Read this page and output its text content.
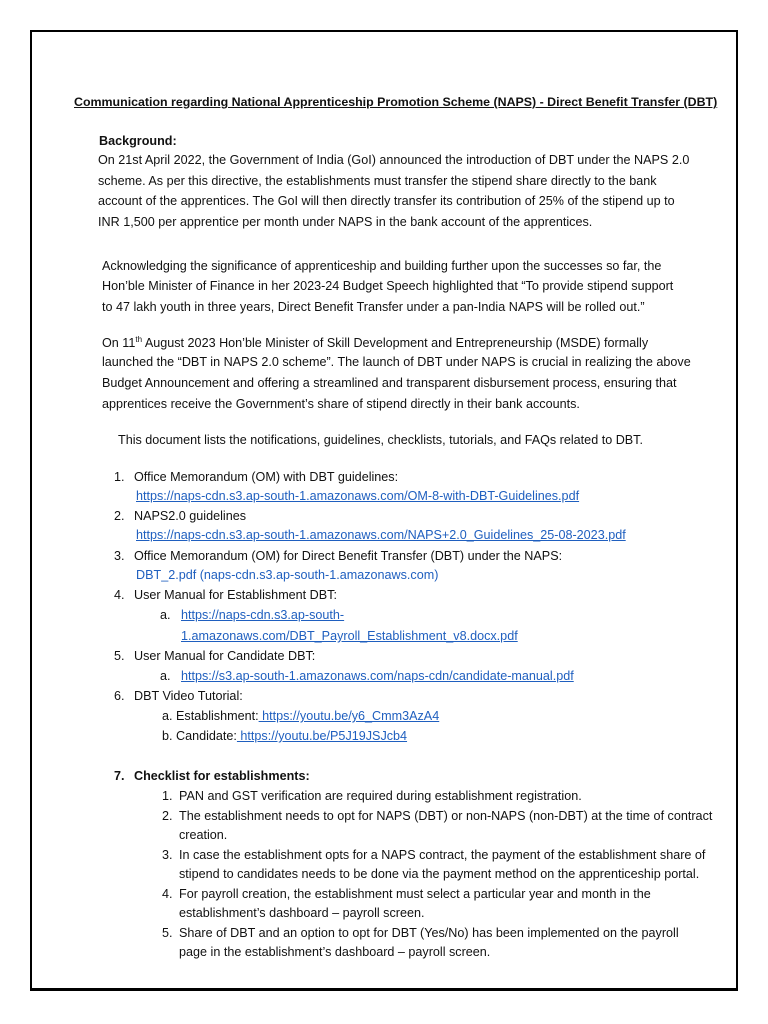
Communication regarding National Apprenticeship Promotion Scheme (NAPS) - Direct Benefit Transfer (DBT)
Background:
On 21st April 2022, the Government of India (GoI) announced the introduction of DBT under the NAPS 2.0
scheme. As per this directive, the establishments must transfer the stipend share directly to the bank
account of the apprentices. The GoI will then directly transfer its contribution of 25% of the stipend up to
INR 1,500 per apprentice per month under NAPS in the bank account of the apprentices.
Acknowledging the significance of apprenticeship and building further upon the successes so far, the
Hon’ble Minister of Finance in her 2023-24 Budget Speech highlighted that “To provide stipend support
to 47 lakh youth in three years, Direct Benefit Transfer under a pan-India NAPS will be rolled out.”
On 11th August 2023 Hon’ble Minister of Skill Development and Entrepreneurship (MSDE) formally
launched the “DBT in NAPS 2.0 scheme”. The launch of DBT under NAPS is crucial in realizing the above
Budget Announcement and offering a streamlined and transparent disbursement process, ensuring that
apprentices receive the Government’s share of stipend directly in their bank accounts.
This document lists the notifications, guidelines, checklists, tutorials, and FAQs related to DBT.
1. Office Memorandum (OM) with DBT guidelines:
https://naps-cdn.s3.ap-south-1.amazonaws.com/OM-8-with-DBT-Guidelines.pdf
2. NAPS2.0 guidelines
https://naps-cdn.s3.ap-south-1.amazonaws.com/NAPS+2.0_Guidelines_25-08-2023.pdf
3. Office Memorandum (OM) for Direct Benefit Transfer (DBT) under the NAPS:
DBT_2.pdf (naps-cdn.s3.ap-south-1.amazonaws.com)
4. User Manual for Establishment DBT:
a. https://naps-cdn.s3.ap-south-
1.amazonaws.com/DBT_Payroll_Establishment_v8.docx.pdf
5. User Manual for Candidate DBT:
a. https://s3.ap-south-1.amazonaws.com/naps-cdn/candidate-manual.pdf
6. DBT Video Tutorial:
a. Establishment: https://youtu.be/y6_Cmm3AzA4
b. Candidate: https://youtu.be/P5J19JSJcb4
7. Checklist for establishments:
1. PAN and GST verification are required during establishment registration.
2. The establishment needs to opt for NAPS (DBT) or non-NAPS (non-DBT) at the time of contract
creation.
3. In case the establishment opts for a NAPS contract, the payment of the establishment share of
stipend to candidates needs to be done via the payment method on the apprenticeship portal.
4. For payroll creation, the establishment must select a particular year and month in the
establishment’s dashboard – payroll screen.
5. Share of DBT and an option to opt for DBT (Yes/No) has been implemented on the payroll
page in the establishment’s dashboard – payroll screen.
